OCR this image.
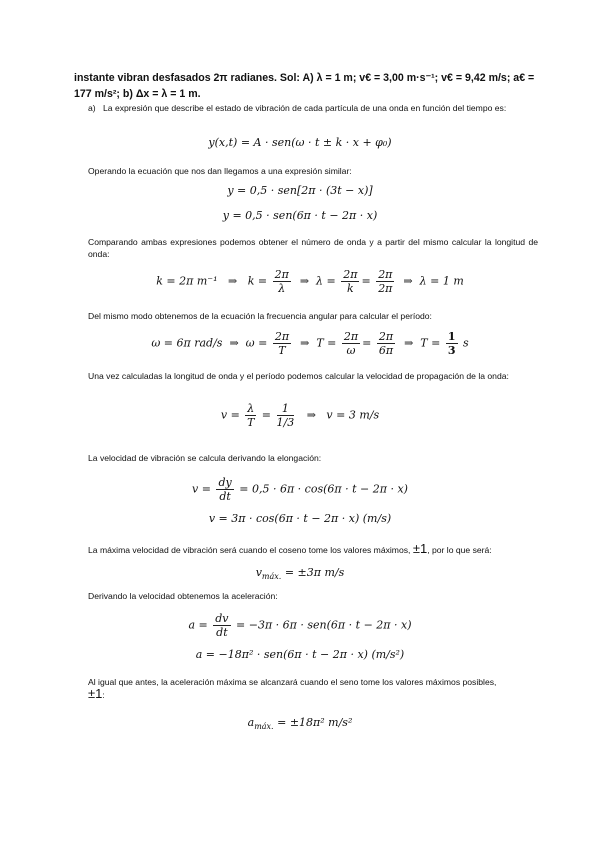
instante vibran desfasados 2π radianes. Sol: A) λ = 1 m; v€ = 3,00 m·s⁻¹; v€ = 9,42 m/s; a€ = 177 m/s²; b) Δx = λ = 1 m.
a) La expresión que describe el estado de vibración de cada partícula de una onda en función del tiempo es:
y(x,t) = A · sen(ω · t ± k · x + φ₀)
Operando la ecuación que nos dan llegamos a una expresión similar:
y = 0,5 · sen[2π · (3t − x)]
y = 0,5 · sen(6π · t − 2π · x)
Comparando ambas expresiones podemos obtener el número de onda y a partir del mismo calcular la longitud de onda:
k = 2π m⁻¹ ⇒ $k = \frac{2\pi}{\lambda}$ ⇒ $\lambda = \frac{2\pi}{k} = \frac{2\pi}{2\pi}$ ⇒ λ = 1 m
Del mismo modo obtenemos de la ecuación la frecuencia angular para calcular el período:
ω = 6π rad/s ⇒ $\omega = \frac{2\pi}{T}$ ⇒ $T = \frac{2\pi}{\omega} = \frac{2\pi}{6\pi}$ ⇒ $T = \frac{1}{3}$ s
Una vez calculadas la longitud de onda y el período podemos calcular la velocidad de propagación de la onda:
$v = \frac{\lambda}{T} = \frac{1}{1/3}$ ⇒ v = 3 m/s
La velocidad de vibración se calcula derivando la elongación:
$v = \frac{dy}{dt} = 0,5 \cdot 6\pi \cdot \cos(6\pi \cdot t - 2\pi \cdot x)$
v = 3π · cos(6π · t − 2π · x) (m/s)
La máxima velocidad de vibración será cuando el coseno tome los valores máximos, ±1, por lo que será:
$v_{máx.} = \pm 3\pi$ m/s
Derivando la velocidad obtenemos la aceleración:
$a = \frac{dv}{dt} = -3\pi \cdot 6\pi \cdot sen(6\pi \cdot t - 2\pi \cdot x)$
a = −18π² · sen(6π · t − 2π · x) (m/s²)
Al igual que antes, la aceleración máxima se alcanzará cuando el seno tome los valores máximos posibles,
±1:
$a_{máx.} = \pm 18\pi^2$ m/s²
